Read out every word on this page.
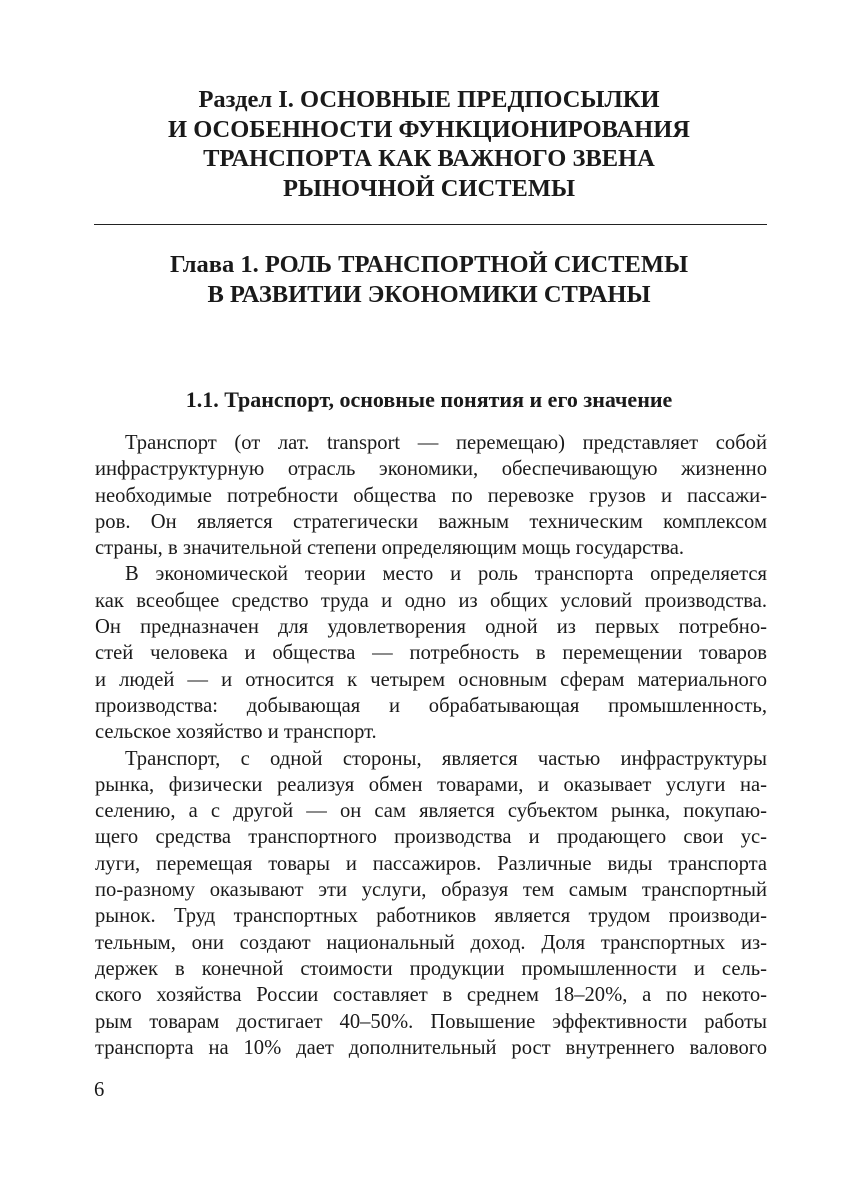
Раздел I. ОСНОВНЫЕ ПРЕДПОСЫЛКИ
И ОСОБЕННОСТИ ФУНКЦИОНИРОВАНИЯ
ТРАНСПОРТА КАК ВАЖНОГО ЗВЕНА
РЫНОЧНОЙ СИСТЕМЫ
Глава 1. РОЛЬ ТРАНСПОРТНОЙ СИСТЕМЫ
В РАЗВИТИИ ЭКОНОМИКИ СТРАНЫ
1.1. Транспорт, основные понятия и его значение

Транспорт (от лат. transport — перемещаю) представляет собой
инфраструктурную отрасль экономики, обеспечивающую жизненно
необходимые потребности общества по перевозке грузов и пассажи-
ров. Он является стратегически важным техническим комплексом
страны, в значительной степени определяющим мощь государства.

В экономической теории место и роль транспорта определяется
как всеобщее средство труда и одно из общих условий производства.
Он предназначен для удовлетворения одной из первых потребно-
стей человека и общества — потребность в перемещении товаров
и людей — и относится к четырем основным сферам материального
производства: добывающая и обрабатывающая промышленность,
сельское хозяйство и транспорт.

Транспорт, с одной стороны, является частью инфраструктуры
рынка, физически реализуя обмен товарами, и оказывает услуги на-
селению, а с другой — он сам является субъектом рынка, покупаю-
щего средства транспортного производства и продающего свои ус-
луги, перемещая товары и пассажиров. Различные виды транспорта
по-разному оказывают эти услуги, образуя тем самым транспортный
рынок. Труд транспортных работников является трудом производи-
тельным, они создают национальный доход. Доля транспортных из-
держек в конечной стоимости продукции промышленности и сель-
ского хозяйства России составляет в среднем 18–20%, а по некото-
рым товарам достигает 40–50%. Повышение эффективности работы
транспорта на 10% дает дополнительный рост внутреннего валового

6
